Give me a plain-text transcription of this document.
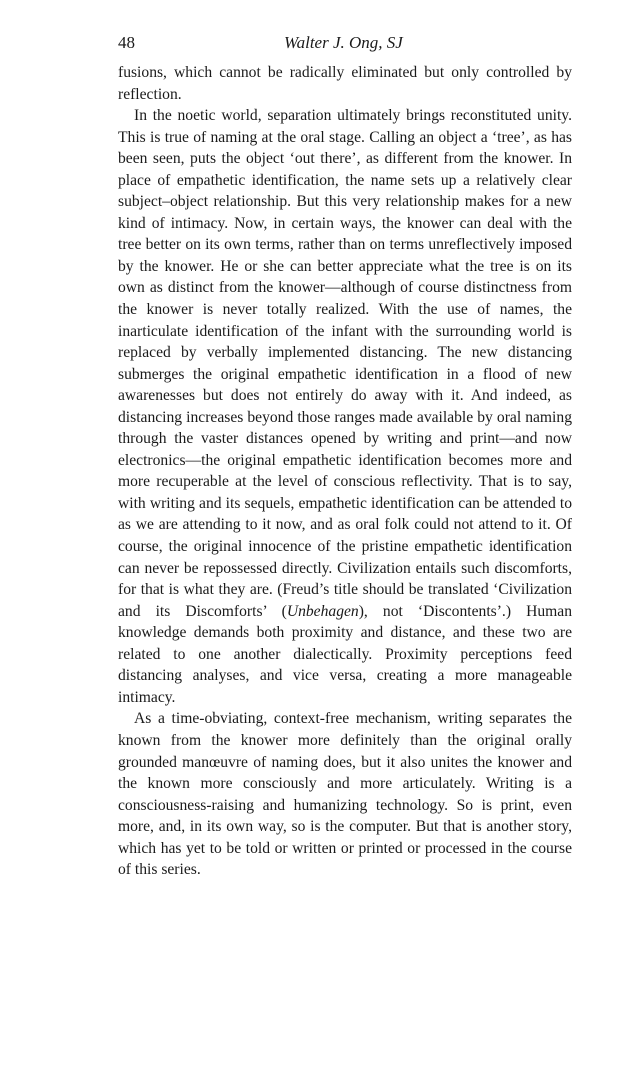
48	Walter J. Ong, SJ

fusions, which cannot be radically eliminated but only controlled by reflection.

In the noetic world, separation ultimately brings reconstituted unity. This is true of naming at the oral stage. Calling an object a ‘tree’, as has been seen, puts the object ‘out there’, as different from the knower. In place of empathetic identification, the name sets up a relatively clear subject–object relationship. But this very relationship makes for a new kind of intimacy. Now, in certain ways, the knower can deal with the tree better on its own terms, rather than on terms unreflectively imposed by the knower. He or she can better appreciate what the tree is on its own as distinct from the knower—although of course distinctness from the knower is never totally realized. With the use of names, the inarticulate identification of the infant with the surrounding world is replaced by verbally implemented distancing. The new distancing submerges the original empathetic identification in a flood of new awarenesses but does not entirely do away with it. And indeed, as distancing increases beyond those ranges made available by oral naming through the vaster distances opened by writing and print—and now electronics—the original empathetic identification becomes more and more recuperable at the level of conscious reflectivity. That is to say, with writing and its sequels, empathetic identification can be attended to as we are attending to it now, and as oral folk could not attend to it. Of course, the original innocence of the pristine empathetic identification can never be repossessed directly. Civilization entails such discomforts, for that is what they are. (Freud’s title should be translated ‘Civilization and its Discomforts’ (Unbehagen), not ‘Discontents’.) Human knowledge demands both proximity and distance, and these two are related to one another dialectically. Proximity perceptions feed distancing analyses, and vice versa, creating a more manageable intimacy.

As a time-obviating, context-free mechanism, writing separates the known from the knower more definitely than the original orally grounded manœuvre of naming does, but it also unites the knower and the known more consciously and more articulately. Writing is a consciousness-raising and humanizing technology. So is print, even more, and, in its own way, so is the computer. But that is another story, which has yet to be told or written or printed or processed in the course of this series.
